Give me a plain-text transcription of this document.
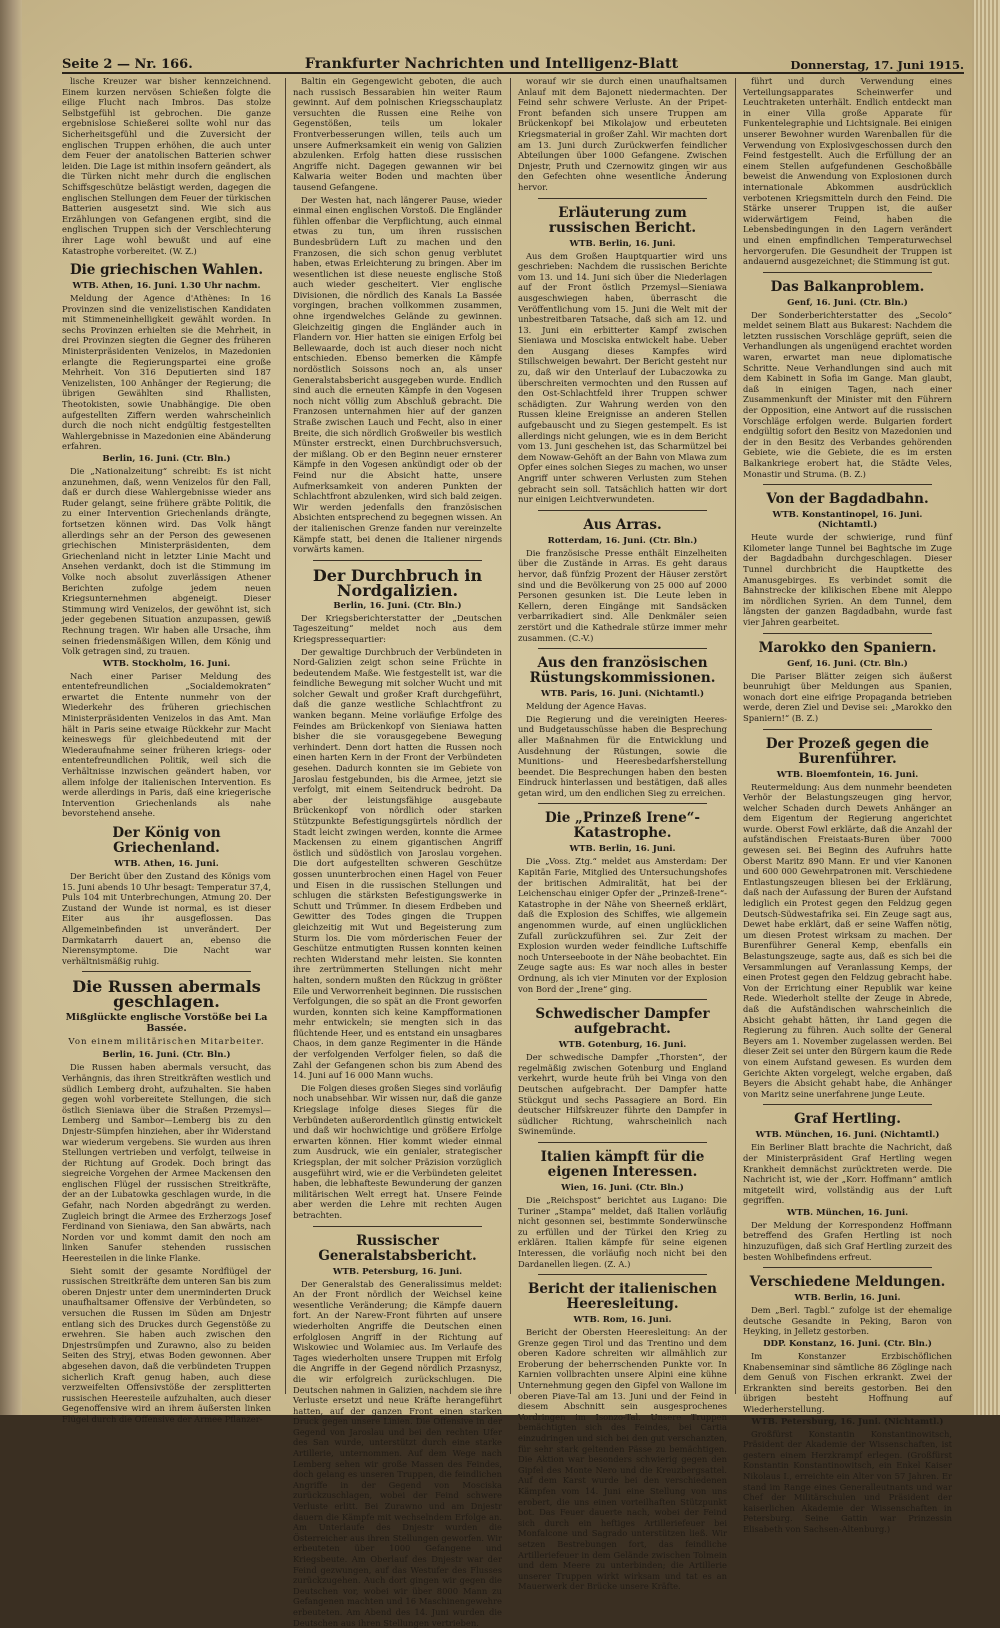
Seite 2 — Nr. 166.	Frankfurter Nachrichten und Intelligenz-Blatt	Donnerstag, 17. Juni 1915.
lische Kreuzer war bisher kennzeichnend. Einem kurzen nervösen Schießen folgte die eilige Flucht nach Imbros. Das stolze Selbstgefühl ist gebrochen. Die ganze ergebnislose Schießerei sollte wohl nur das Sicherheitsgefühl und die Zuversicht der englischen Truppen erhöhen, die auch unter dem Feuer der anatolischen Batterien schwer leiden. Die Lage ist mithin insofern geändert, als die Türken nicht mehr durch die englischen Schiffsgeschütze belästigt werden, dagegen die englischen Stellungen dem Feuer der türkischen Batterien ausgesetzt sind. Wie sich aus Erzählungen von Gefangenen ergibt, sind die englischen Truppen sich der Verschlechterung ihrer Lage wohl bewußt und auf eine Katastrophe vorbereitet. (W. Z.)
Die griechischen Wahlen.
WTB. Athen, 16. Juni. 1.30 Uhr nachm.
Meldung der Agence d'Athènes: In 16 Provinzen sind die venizelistischen Kandidaten mit Stimmeneinhelligkeit gewählt worden. In sechs Provinzen erhielten sie die Mehrheit, in drei Provinzen siegten die Gegner des früheren Ministerpräsidenten Venizelos, in Mazedonien erlangte die Regierungspartei eine große Mehrheit. Von 316 Deputierten sind 187 Venizelisten, 100 Anhänger der Regierung; die übrigen Gewählten sind Rhallisten, Theotokisten, sowie Unabhängige. Die oben aufgestellten Ziffern werden wahrscheinlich durch die noch nicht endgültig festgestellten Wahlergebnisse in Mazedonien eine Abänderung erfahren.
Berlin, 16. Juni. (Ctr. Bln.)
Die „Nationalzeitung“ schreibt: Es ist nicht anzunehmen, daß, wenn Venizelos für den Fall, daß er durch diese Wahlergebnisse wieder ans Ruder gelangt, seine frühere gräbte Politik, die zu einer Intervention Griechenlands drängte, fortsetzen können wird. Das Volk hängt allerdings sehr an der Person des gewesenen griechischen Ministerpräsidenten, dem Griechenland nicht in letzter Linie Macht und Ansehen verdankt, doch ist die Stimmung im Volke noch absolut zuverlässigen Athener Berichten zufolge jedem neuen Kriegsunternehmen abgeneigt. Dieser Stimmung wird Venizelos, der gewöhnt ist, sich jeder gegebenen Situation anzupassen, gewiß Rechnung tragen. Wir haben alle Ursache, ihm seinen friedensmäßigen Willen, dem König und Volk getragen sind, zu trauen.
WTB. Stockholm, 16. Juni.
Nach einer Pariser Meldung des ententefreundlichen „Socialdemokraten“ erwartet die Entente nunmehr von der Wiederkehr des früheren griechischen Ministerpräsidenten Venizelos in das Amt. Man hält in Paris seine etwaige Rückkehr zur Macht keineswegs für gleichbedeutend mit der Wiederaufnahme seiner früheren kriegs- oder ententefreundlichen Politik, weil sich die Verhältnisse inzwischen geändert haben, vor allem infolge der italienischen Intervention. Es werde allerdings in Paris, daß eine kriegerische Intervention Griechenlands als nahe bevorstehend ansehe.
Der König von Griechenland.
WTB. Athen, 16. Juni.
Der Bericht über den Zustand des Königs vom 15. Juni abends 10 Uhr besagt: Temperatur 37,4, Puls 104 mit Unterbrechungen, Atmung 20. Der Zustand der Wunde ist normal, es ist dieser Eiter aus ihr ausgeflossen. Das Allgemeinbefinden ist unverändert. Der Darmkatarrh dauert an, ebenso die Nierensymptome. Die Nacht war verhältnismäßig ruhig.
Die Russen abermals geschlagen.
Mißglückte englische Vorstöße bei La Bassée.
Von einem militärischen Mitarbeiter.
Berlin, 16. Juni. (Ctr. Bln.)
Die Russen haben abermals versucht, das Verhängnis, das ihren Streitkräften westlich und südlich Lemberg droht, aufzuhalten. Sie haben gegen wohl vorbereitete Stellungen, die sich östlich Sieniawa über die Straßen Przemysl—Lemberg und Sambor—Lemberg bis zu den Dnjestr-Sümpfen hinziehen, aber ihr Widerstand war wiederum vergebens. Sie wurden aus ihren Stellungen vertrieben und verfolgt, teilweise in der Richtung auf Grodek. Doch bringt das siegreiche Vorgehen der Armee Mackensen den englischen Flügel der russischen Streitkräfte, der an der Lubatowka geschlagen wurde, in die Gefahr, nach Norden abgedrängt zu werden. Zugleich bringt die Armee des Erzherzogs Josef Ferdinand von Sieniawa, den San abwärts, nach Norden vor und kommt damit den noch am linken Sanufer stehenden russischen Heeresteilen in die linke Flanke.
Sieht somit der gesamte Nordflügel der russischen Streitkräfte dem unteren San bis zum oberen Dnjestr unter dem unerminderten Druck unaufhaltsamer Offensive der Verbündeten, so versuchen die Russen im Süden am Dnjestr entlang sich des Druckes durch Gegenstöße zu erwehren. Sie haben auch zwischen den Dnjestrsümpfen und Zurawno, also zu beiden Seiten des Stryj, etwas Boden gewonnen. Aber abgesehen davon, daß die verbündeten Truppen sicherlich Kraft genug haben, auch diese verzweifelten Offensivstöße der zersplitterten russischen Heeresteile aufzuhalten, auch dieser Gegenoffensive wird an ihrem äußersten linken Flügel durch die Offensive der Armee Pflanzer-
Baltin ein Gegengewicht geboten, die auch nach russisch Bessarabien hin weiter Raum gewinnt. Auf dem polnischen Kriegsschauplatz versuchten die Russen eine Reihe von Gegenstößen, teils um lokaler Frontverbesserungen willen, teils auch um unsere Aufmerksamkeit ein wenig von Galizien abzulenken. Erfolg hatten diese russischen Angriffe nicht. Dagegen gewannen wir bei Kalwaria weiter Boden und machten über tausend Gefangene.
Der Westen hat, nach längerer Pause, wieder einmal einen englischen Vorstoß. Die Engländer fühlen offenbar die Verpflichtung, auch einmal etwas zu tun, um ihren russischen Bundesbrüdern Luft zu machen und den Franzosen, die sich schon genug verblutet haben, etwas Erleichterung zu bringen. Aber im wesentlichen ist diese neueste englische Stoß auch wieder gescheitert. Vier englische Divisionen, die nördlich des Kanals La Bassée vorgingen, brachen vollkommen zusammen, ohne irgendwelches Gelände zu gewinnen. Gleichzeitig gingen die Engländer auch in Flandern vor. Hier hatten sie einigen Erfolg bei Bellewaarde, doch ist auch dieser noch nicht entschieden. Ebenso bemerken die Kämpfe nordöstlich Soissons noch an, als unser Generalstabsbericht ausgegeben wurde. Endlich sind auch die erneuten Kämpfe in den Vogesen noch nicht völlig zum Abschluß gebracht. Die Franzosen unternahmen hier auf der ganzen Straße zwischen Lauch und Fecht, also in einer Breite, die sich nördlich Großweiler bis westlich Münster erstreckt, einen Durchbruchsversuch, der mißlang. Ob er den Beginn neuer ernsterer Kämpfe in den Vogesen ankündigt oder ob der Feind nur die Absicht hatte, unsere Aufmerksamkeit von anderen Punkten der Schlachtfront abzulenken, wird sich bald zeigen. Wir werden jedenfalls den französischen Absichten entsprechend zu begegnen wissen. An der italienischen Grenze fanden nur vereinzelte Kämpfe statt, bei denen die Italiener nirgends vorwärts kamen.
Der Durchbruch in Nordgalizien.
Berlin, 16. Juni. (Ctr. Bln.)
Der Kriegsberichterstatter der „Deutschen Tageszeitung“ meldet noch aus dem Kriegspressequartier:
Der gewaltige Durchbruch der Verbündeten in Nord-Galizien zeigt schon seine Früchte in bedeutendem Maße. Wie festgestellt ist, war die feindliche Bewegung mit solcher Wucht und mit solcher Gewalt und großer Kraft durchgeführt, daß die ganze westliche Schlachtfront zu wanken begann. Meine vorläufige Erfolge des Feindes am Brückenkopf von Sieniawa hatten bisher die sie vorausgegebene Bewegung verhindert. Denn dort hatten die Russen noch einen harten Kern in der Front der Verbündeten gesehen. Dadurch konnten sie im Gebiete von Jaroslau festgebunden, bis die Armee, jetzt sie verfolgt, mit einem Seitendruck bedroht. Da aber der leistungsfähige ausgebaute Brückenkopf von nördlich oder starken Stützpunkte Befestigungsgürtels nördlich der Stadt leicht zwingen werden, konnte die Armee Mackensen zu einem gigantischen Angriff östlich und südöstlich von Jaroslau vorgehen. Die dort aufgestellten schweren Geschütze gossen ununterbrochen einen Hagel von Feuer und Eisen in die russischen Stellungen und schlugen die stärksten Befestigungswerke in Schutt und Trümmer. In diesem Erdbeben und Gewitter des Todes gingen die Truppen gleichzeitig mit Wut und Begeisterung zum Sturm los. Die vom mörderischen Feuer der Geschütze entmutigten Russen konnten keinen rechten Widerstand mehr leisten. Sie konnten ihre zertrümmerten Stellungen nicht mehr halten, sondern mußten den Rückzug in größter Eile und Verworrenheit beginnen. Die russischen Verfolgungen, die so spät an die Front geworfen wurden, konnten sich keine Kampfformationen mehr entwickeln; sie mengten sich in das flüchtende Heer, und es entstand ein unsagbares Chaos, in dem ganze Regimenter in die Hände der verfolgenden Verfolger fielen, so daß die Zahl der Gefangenen schon bis zum Abend des 14. Juni auf 16 000 Mann wuchs.
Die Folgen dieses großen Sieges sind vorläufig noch unabsehbar. Wir wissen nur, daß die ganze Kriegslage infolge dieses Sieges für die Verbündeten außerordentlich günstig entwickelt und daß wir hochwichtige und größere Erfolge erwarten können. Hier kommt wieder einmal zum Ausdruck, wie ein genialer, strategischer Kriegsplan, der mit solcher Präzision vorzüglich ausgeführt wird, wie er die Verbündeten geleitet haben, die lebhafteste Bewunderung der ganzen militärischen Welt erregt hat. Unsere Feinde aber werden die Lehre mit rechten Augen betrachten.
Russischer Generalstabsbericht.
WTB. Petersburg, 16. Juni.
Der Generalstab des Generalissimus meldet: An der Front nördlich der Weichsel keine wesentliche Veränderung; die Kämpfe dauern fort. An der Narew-Front führten auf unsere wiederholten Angriffe die Deutschen einen erfolglosen Angriff in der Richtung auf Wiskowiec und Wolamiec aus. Im Verlaufe des Tages wiederholten unsere Truppen mit Erfolg die Angriffe in der Gegend nördlich Przasnysz, die wir erfolgreich zurückschlugen. Die Deutschen nahmen in Galizien, nachdem sie ihre Verluste ersetzt und neue Kräfte herangeführt hatten, auf der ganzen Front einen starken Druck gegen unsere Linien. Die Offensive in der Gegend von Jaroslau und bei den rechten Ufer des San wurde, unterstützt durch eine starke Artillerie, unternommen. Auf dem Wege nach Lemberg sehen wir große Massen des Feindes, doch gelang es unseren Truppen, die feindlichen Angriffe in der Gegend von Mosciska zurückzuschlagen, wobei der Feind schwere Verluste erlitt. Bei Zurawno und am Dnjestr dauern die Kämpfe mit wechselndem Erfolge an. Am Unterlaufe des Dnjestr wurden die Österreicher aus ihren Stellungen geworfen. Wir erbeuteten über 1000 Gefangene und Kriegsbeute. Am Oberlauf des Dnjestr war der Feind gezwungen, auf das Westufer des Flusses zurückzugehen. Auch dort gingen wir gegen die Deutschen vor, wobei wir über 8000 Mann zu Gefangenen machten und 16 Maschinengewehre erbeuteten. Am Abend des 14. Juni wurden die Deutschen aus ihren Stellungen vertrieben.
worauf wir sie durch einen unaufhaltsamen Anlauf mit dem Bajonett niedermachten. Der Feind sehr schwere Verluste. An der Pripet-Front befanden sich unsere Truppen am Brückenkopf bei Mikolajow und erbeuteten Kriegsmaterial in großer Zahl. Wir machten dort am 13. Juni durch Zurückwerfen feindlicher Abteilungen über 1000 Gefangene. Zwischen Dnjestr, Pruth und Czernowitz gingen wir aus den Gefechten ohne wesentliche Änderung hervor.
Erläuterung zum russischen Bericht.
WTB. Berlin, 16. Juni.
Aus dem Großen Hauptquartier wird uns geschrieben: Nachdem die russischen Berichte vom 13. und 14. Juni sich über die Niederlagen auf der Front östlich Przemysl—Sieniawa ausgeschwiegen haben, überrascht die Veröffentlichung vom 15. Juni die Welt mit der unbestreitbaren Tatsache, daß sich am 12. und 13. Juni ein erbitterter Kampf zwischen Sieniawa und Mosciska entwickelt habe. Ueber den Ausgang dieses Kampfes wird Stillschweigen bewahrt. Der Bericht gesteht nur zu, daß wir den Unterlauf der Lubaczowka zu überschreiten vermochten und den Russen auf den Ost-Schlachtfeld ihrer Truppen schwer schädigten. Zur Wahrung werden von den Russen kleine Ereignisse an anderen Stellen aufgebauscht und zu Siegen gestempelt. Es ist allerdings nicht gelungen, wie es in dem Bericht vom 13. Juni geschehen ist, das Scharmützel bei dem Nowaw-Gehöft an der Bahn von Mlawa zum Opfer eines solchen Sieges zu machen, wo unser Angriff unter schweren Verlusten zum Stehen gebracht sein soll. Tatsächlich hatten wir dort nur einigen Leichtverwundeten.
Aus Arras.
Rotterdam, 16. Juni. (Ctr. Bln.)
Die französische Presse enthält Einzelheiten über die Zustände in Arras. Es geht daraus hervor, daß fünfzig Prozent der Häuser zerstört sind und die Bevölkerung von 25 000 auf 2000 Personen gesunken ist. Die Leute leben in Kellern, deren Eingänge mit Sandsäcken verbarrikadiert sind. Alle Denkmäler seien zerstört und die Kathedrale stürze immer mehr zusammen. (C.-V.)
Aus den französischen Rüstungskommissionen.
WTB. Paris, 16. Juni. (Nichtamtl.)
Meldung der Agence Havas.
Die Regierung und die vereinigten Heeres- und Budgetausschüsse haben die Besprechung aller Maßnahmen für die Entwicklung und Ausdehnung der Rüstungen, sowie die Munitions- und Heeresbedarfsherstellung beendet. Die Besprechungen haben den besten Eindruck hinterlassen und bestätigen, daß alles getan wird, um den endlichen Sieg zu erreichen.
Die „Prinzeß Irene“-Katastrophe.
WTB. Berlin, 16. Juni.
Die „Voss. Ztg.“ meldet aus Amsterdam: Der Kapitän Farie, Mitglied des Untersuchungshofes der britischen Admiralität, hat bei der Leichenschau einiger Opfer der „Prinzeß-Irene“-Katastrophe in der Nähe von Sheerneß erklärt, daß die Explosion des Schiffes, wie allgemein angenommen wurde, auf einen unglücklichen Zufall zurückzuführen sei. Zur Zeit der Explosion wurden weder feindliche Luftschiffe noch Unterseeboote in der Nähe beobachtet. Ein Zeuge sagte aus: Es war noch alles in bester Ordnung, als ich vier Minuten vor der Explosion von Bord der „Irene“ ging.
Schwedischer Dampfer aufgebracht.
WTB. Gotenburg, 16. Juni.
Der schwedische Dampfer „Thorsten“, der regelmäßig zwischen Gotenburg und England verkehrt, wurde heute früh bei Vinga von den Deutschen aufgebracht. Der Dampfer hatte Stückgut und sechs Passagiere an Bord. Ein deutscher Hilfskreuzer führte den Dampfer in südlicher Richtung, wahrscheinlich nach Swinemünde.
Italien kämpft für die eigenen Interessen.
Wien, 16. Juni. (Ctr. Bln.)
Die „Reichspost“ berichtet aus Lugano: Die Turiner „Stampa“ meldet, daß Italien vorläufig nicht gesonnen sei, bestimmte Sonderwünsche zu erfüllen und der Türkei den Krieg zu erklären. Italien kämpfe für seine eigenen Interessen, die vorläufig noch nicht bei den Dardanellen liegen. (Z. A.)
Bericht der italienischen Heeresleitung.
WTB. Rom, 16. Juni.
Bericht der Obersten Heeresleitung: An der Grenze gegen Tirol und das Trentino und dem oberen Kadore schreiten wir allmählich zur Eroberung der beherrschenden Punkte vor. In Karnien vollbrachten unsere Alpini eine kühne Unternehmung gegen den Gipfel von Wallone im oberen Piave-Tal am 13. Juni und der Feind in diesem Abschnitt sein ausgesprochenes Vordringen im Isonzo-Tal. Unsere Truppen bemächtigten sich des Feindes, bei Cartia einzudringen und sich bei den gut verschanzten, für sehr stark geltenden Pässe zu bemächtigen. Die Aktion war besonders schwierig gegen den Gipfel des Monte Nero und die Kreuzbergsattel. Auf dem Karst wurde bei den verschiedenen Kämpfen vom 14. Juni eine Stellung von uns erobert, die uns einen vorteilhaften Stützpunkt bot. Das Feuer dauerte nach, wobei der Feind sich durch ein heftiges Artilleriefeuer bei Monfalcone und Sagrado unterstützen ließ. Wir setzen Bestrebungen fort, das feindliche Artilleriefeuer in dem Gelände zwischen Tolmein und dem Meere zu unterbinden; die Artillerie unserer Truppen wirkt wirksam und tat es an Mauerwerk der Brücke unsere Kräfte.
führt und durch Verwendung eines Verteilungsapparates Scheinwerfer und Leuchtraketen unterhält. Endlich entdeckt man in einer Villa große Apparate für Funkentelegraphie und Lichtsignale. Bei einigen unserer Bewohner wurden Warenballen für die Verwendung von Explosivgeschossen durch den Feind festgestellt. Auch die Erfüllung der an einem Stellen aufgefundenen Geschoßbälle beweist die Anwendung von Explosionen durch internationale Abkommen ausdrücklich verbotenen Kriegsmitteln durch den Feind. Die Stärke unserer Truppen ist, die außer widerwärtigem Feind, haben die Lebensbedingungen in den Lagern verändert und einen empfindlichen Temperaturwechsel hervorgerufen. Die Gesundheit der Truppen ist andauernd ausgezeichnet; die Stimmung ist gut.
Das Balkanproblem.
Genf, 16. Juni. (Ctr. Bln.)
Der Sonderberichterstatter des „Secolo“ meldet seinem Blatt aus Bukarest: Nachdem die letzten russischen Vorschläge geprüft, seien die Verhandlungen als ungenügend erachtet worden waren, erwartet man neue diplomatische Schritte. Neue Verhandlungen sind auch mit dem Kabinett in Sofia im Gange. Man glaubt, daß in einigen Tagen, nach einer Zusammenkunft der Minister mit den Führern der Opposition, eine Antwort auf die russischen Vorschläge erfolgen werde. Bulgarien fordert endgültig sofort den Besitz von Mazedonien und der in den Besitz des Verbandes gehörenden Gebiete, wie die Gebiete, die es im ersten Balkankriege erobert hat, die Städte Veles, Monastir und Struma. (B. Z.)
Von der Bagdadbahn.
WTB. Konstantinopel, 16. Juni. (Nichtamtl.)
Heute wurde der schwierige, rund fünf Kilometer lange Tunnel bei Baghtsche im Zuge der Bagdadbahn durchgeschlagen. Dieser Tunnel durchbricht die Hauptkette des Amanusgebirges. Es verbindet somit die Bahnstrecke der kilikischen Ebene mit Aleppo im nördlichen Syrien. An dem Tunnel, dem längsten der ganzen Bagdadbahn, wurde fast vier Jahren gearbeitet.
Marokko den Spaniern.
Genf, 16. Juni. (Ctr. Bln.)
Die Pariser Blätter zeigen sich äußerst beunruhigt über Meldungen aus Spanien, wonach dort eine eifrige Propaganda betrieben werde, deren Ziel und Devise sei: „Marokko den Spaniern!“ (B. Z.)
Der Prozeß gegen die Burenführer.
WTB. Bloemfontein, 16. Juni.
Reutermeldung: Aus dem nunmehr beendeten Verhör der Belastungszeugen ging hervor, welcher Schaden durch Dewets Anhänger an dem Eigentum der Regierung angerichtet wurde. Oberst Fowl erklärte, daß die Anzahl der aufständischen Freistaats-Buren über 7000 gewesen sei. Bei Beginn des Aufruhrs hatte Oberst Maritz 890 Mann. Er und vier Kanonen und 600 000 Gewehrpatronen mit. Verschiedene Entlastungszeugen bliesen bei der Erklärung, daß nach der Aufassung der Buren der Aufstand lediglich ein Protest gegen den Feldzug gegen Deutsch-Südwestafrika sei. Ein Zeuge sagt aus, Dewet habe erklärt, daß er seine Waffen nötig, um diesen Protest wirksam zu machen. Der Burenführer General Kemp, ebenfalls ein Belastungszeuge, sagte aus, daß es sich bei die Versammlungen auf Veranlassung Kemps, der einen Protest gegen den Feldzug gebracht habe. Von der Errichtung einer Republik war keine Rede. Wiederholt stellte der Zeuge in Abrede, daß die Aufständischen wahrscheinlich die Absicht gehabt hätten, ihr Land gegen die Regierung zu führen. Auch sollte der General Beyers am 1. November zugelassen werden. Bei dieser Zeit sei unter den Bürgern kaum die Rede von einem Aufstand gewesen. Es wurden dem Gerichte Akten vorgelegt, welche ergaben, daß Beyers die Absicht gehabt habe, die Anhänger von Maritz seine unerfahrene junge Leute.
Graf Hertling.
WTB. München, 16. Juni. (Nichtamtl.)
Ein Berliner Blatt brachte die Nachricht, daß der Ministerpräsident Graf Hertling wegen Krankheit demnächst zurücktreten werde. Die Nachricht ist, wie der „Korr. Hoffmann“ amtlich mitgeteilt wird, vollständig aus der Luft gegriffen.
WTB. München, 16. Juni.
Der Meldung der Korrespondenz Hoffmann betreffend des Grafen Hertling ist noch hinzuzufügen, daß sich Graf Hertling zurzeit des besten Wohlbefindens erfreut.
Verschiedene Meldungen.
WTB. Berlin, 16. Juni.
Dem „Berl. Tagbl.“ zufolge ist der ehemalige deutsche Gesandte in Peking, Baron von Heyking, in Jelletz gestorben.
DDP. Konstanz, 16. Juni. (Ctr. Bln.)
Im Konstanzer Erzbischöflichen Knabenseminar sind sämtliche 86 Zöglinge nach dem Genuß von Fischen erkrankt. Zwei der Erkrankten sind bereits gestorben. Bei den übrigen besteht Hoffnung auf Wiederherstellung.
WTB. Petersburg, 16. Juni. (Nichtamtl.)
Großfürst Konstantin Konstantinowitsch, Präsident der Akademie der Wissenschaften, ist gestern einem Herzkrampf erlegen. (Großfürst Konstantin Konstantinowitsch, ein Enkel Kaiser Nikolaus I., erreichte ein Alter von 57 Jahren. Er stand im Range eines Generalleutnants und war Chef der Militärschulen und Präsident der kaiserlichen Akademie der Wissenschaften in Petersburg. Seine Gattin war Prinzessin Elisabeth von Sachsen-Altenburg.)
